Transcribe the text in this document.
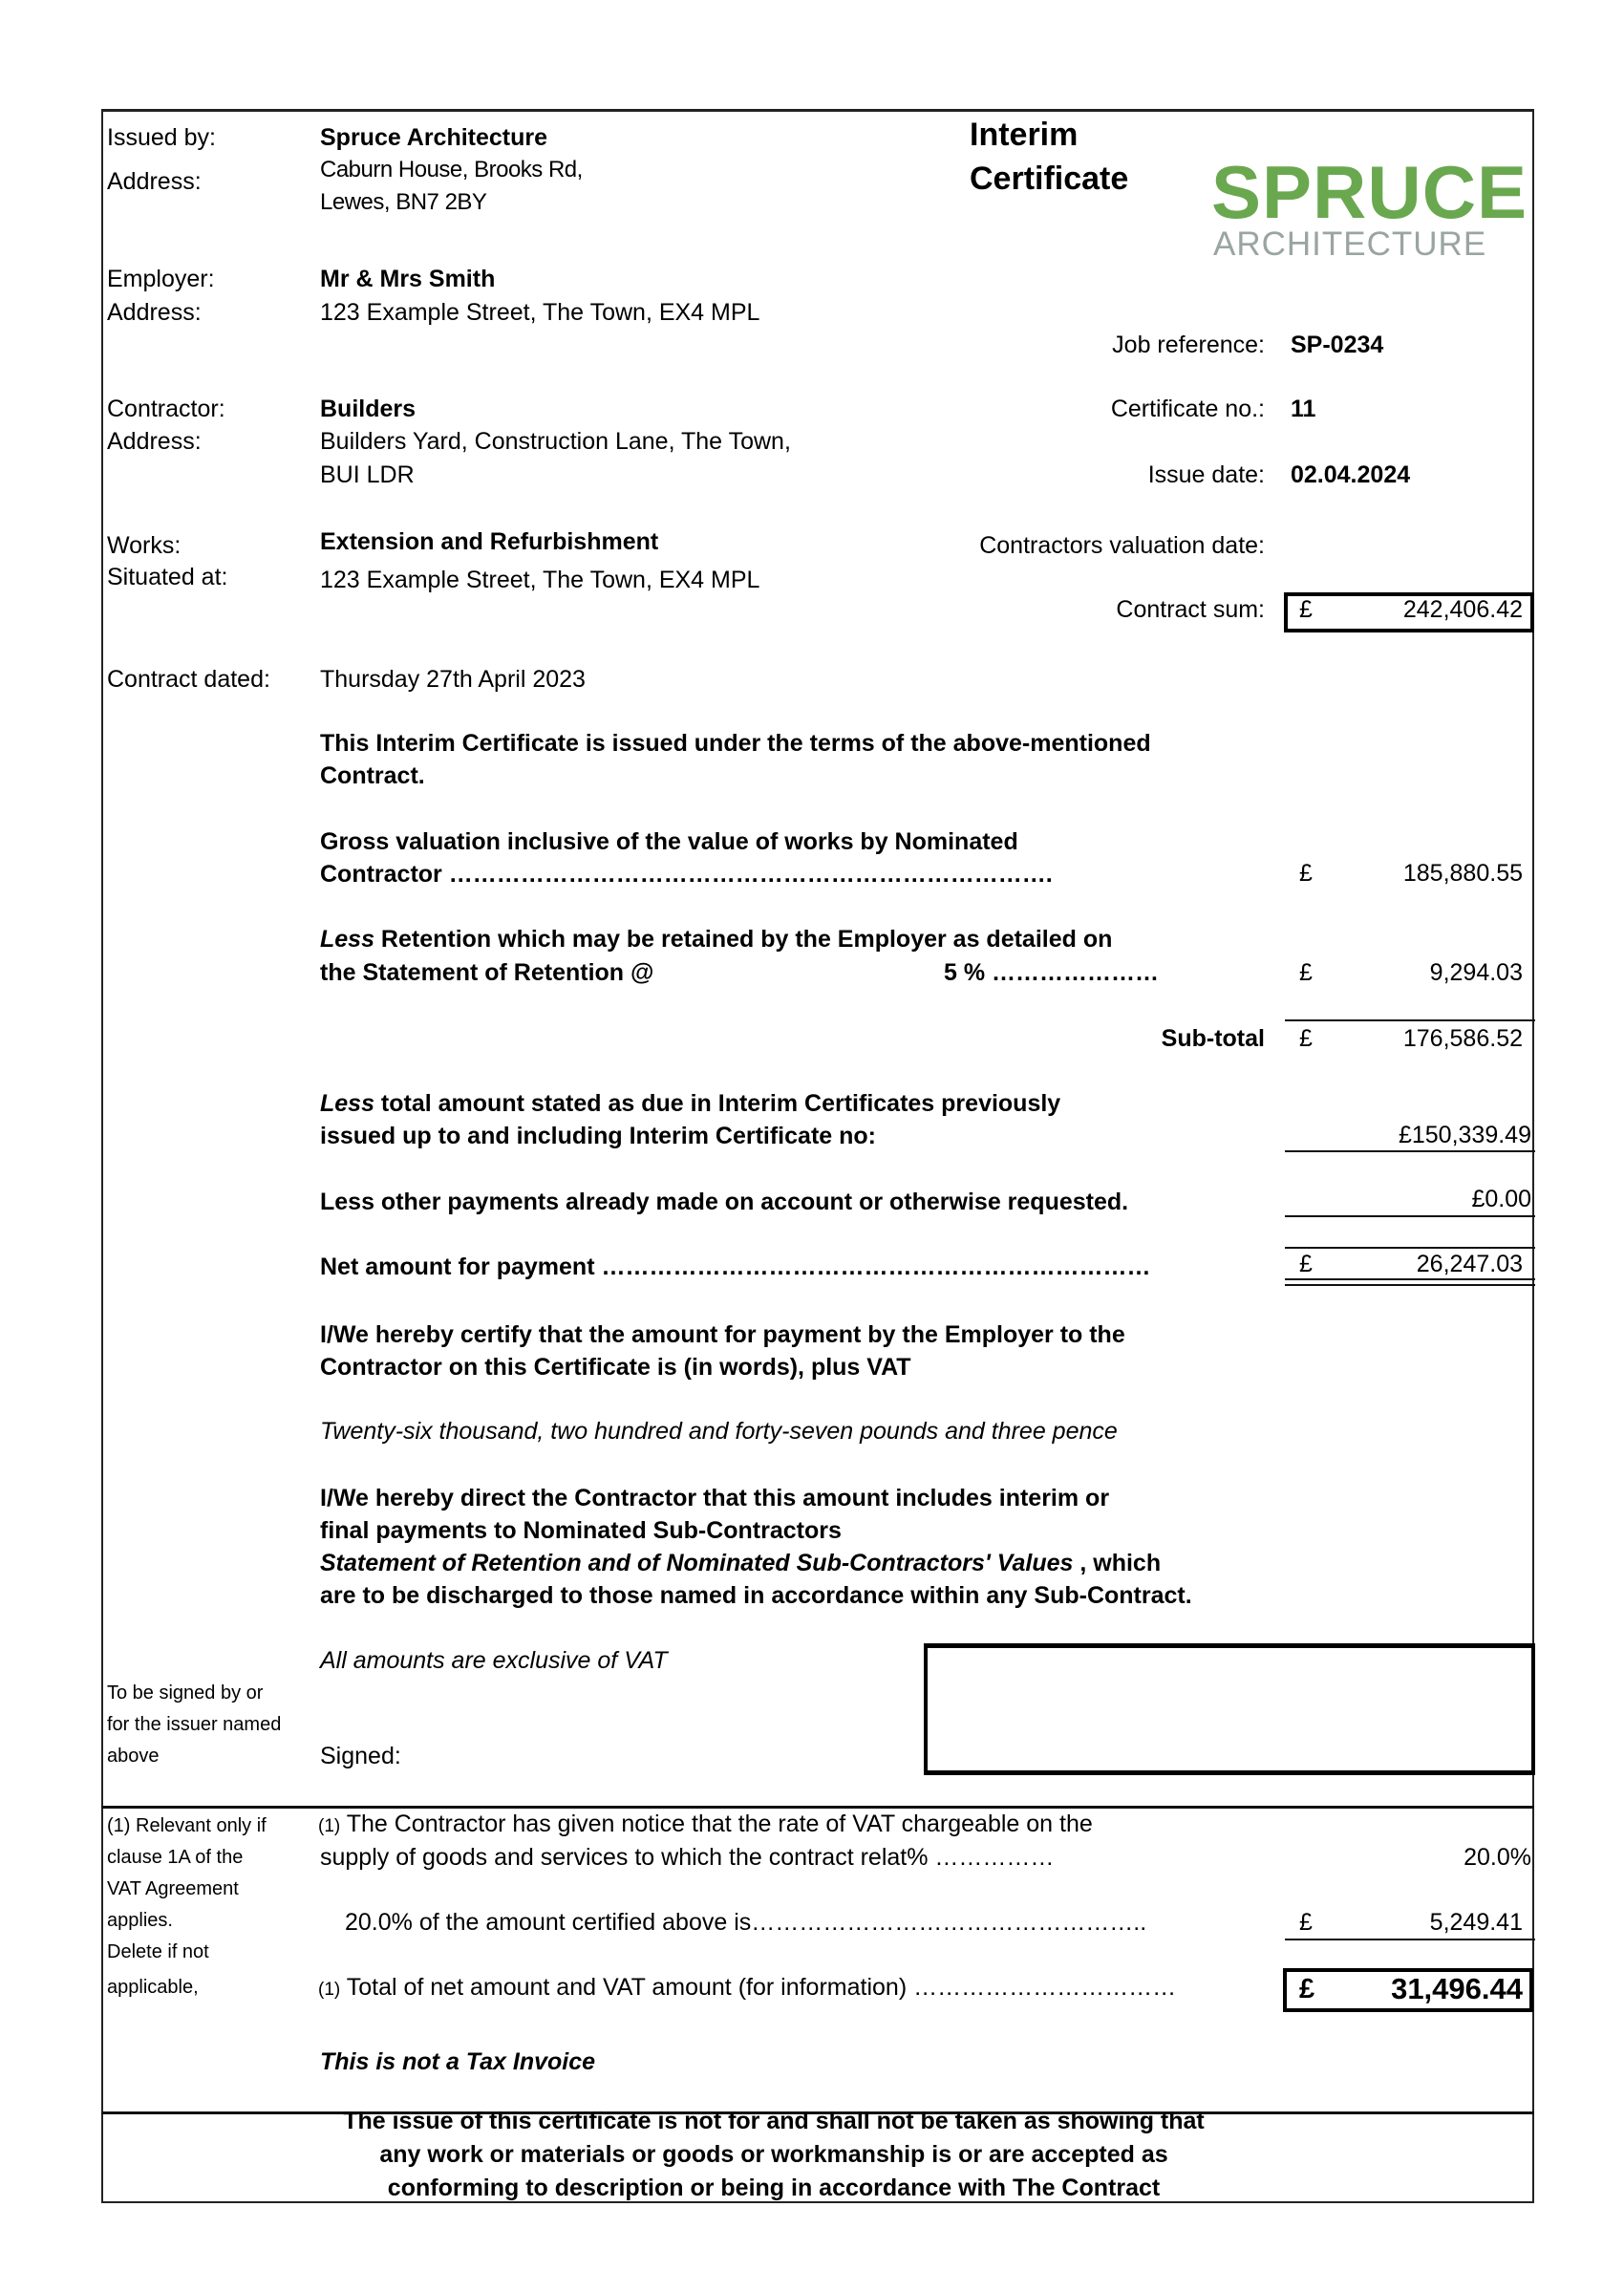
Issued by:	Spruce Architecture
Address:	Caburn House, Brooks Rd,
Lewes, BN7 2BY
Employer:	Mr & Mrs Smith
Address:	123 Example Street, The Town, EX4 MPL
Contractor:	Builders
Address:	Builders Yard, Construction Lane, The Town,
BUI LDR
Works:	Extension and Refurbishment
Situated at:	123 Example Street, The Town, EX4 MPL
Contract dated: Thursday 27th April 2023
Interim
Certificate SPRUCE
ARCHITECTURE
Job reference: SP-0234
Certificate no.: 11
Issue date: 02.04.2024
Contractors valuation date:
Contract sum: £	242,406.42
This Interim Certificate is issued under the terms of the above-mentioned
Contract.
Gross valuation inclusive of the value of works by Nominated
Contractor ………………………………………………………………….	£	185,880.55
Less Retention which may be retained by the Employer as detailed on
the Statement of Retention @	5 % …………………	£	9,294.03
Sub-total £	176,586.52
Less total amount stated as due in Interim Certificates previously
issued up to and including Interim Certificate no:	£150,339.49
Less other payments already made on account or otherwise requested.	£0.00
Net amount for payment ……………………………………………………………	£	26,247.03
I/We hereby certify that the amount for payment by the Employer to the
Contractor on this Certificate is (in words), plus VAT
Twenty-six thousand, two hundred and forty-seven pounds and three pence
I/We hereby direct the Contractor that this amount includes interim or
final payments to Nominated Sub-Contractors
Statement of Retention and of Nominated Sub-Contractors' Values , which
are to be discharged to those named in accordance within any Sub-Contract.
All amounts are exclusive of VAT
To be signed by or
for the issuer named
above	Signed:
(1) Relevant only if
clause 1A of the
VAT Agreement
applies.
Delete if not
applicable,
(1) The Contractor has given notice that the rate of VAT chargeable on the
supply of goods and services to which the contract relat% ……………	20.0%
20.0% of the amount certified above is…………………………………………..	£	5,249.41
(1) Total of net amount and VAT amount (for information) ……………………………	£	31,496.44
This is not a Tax Invoice
The issue of this certificate is not for and shall not be taken as showing that
any work or materials or goods or workmanship is or are accepted as
conforming to description or being in accordance with The Contract
